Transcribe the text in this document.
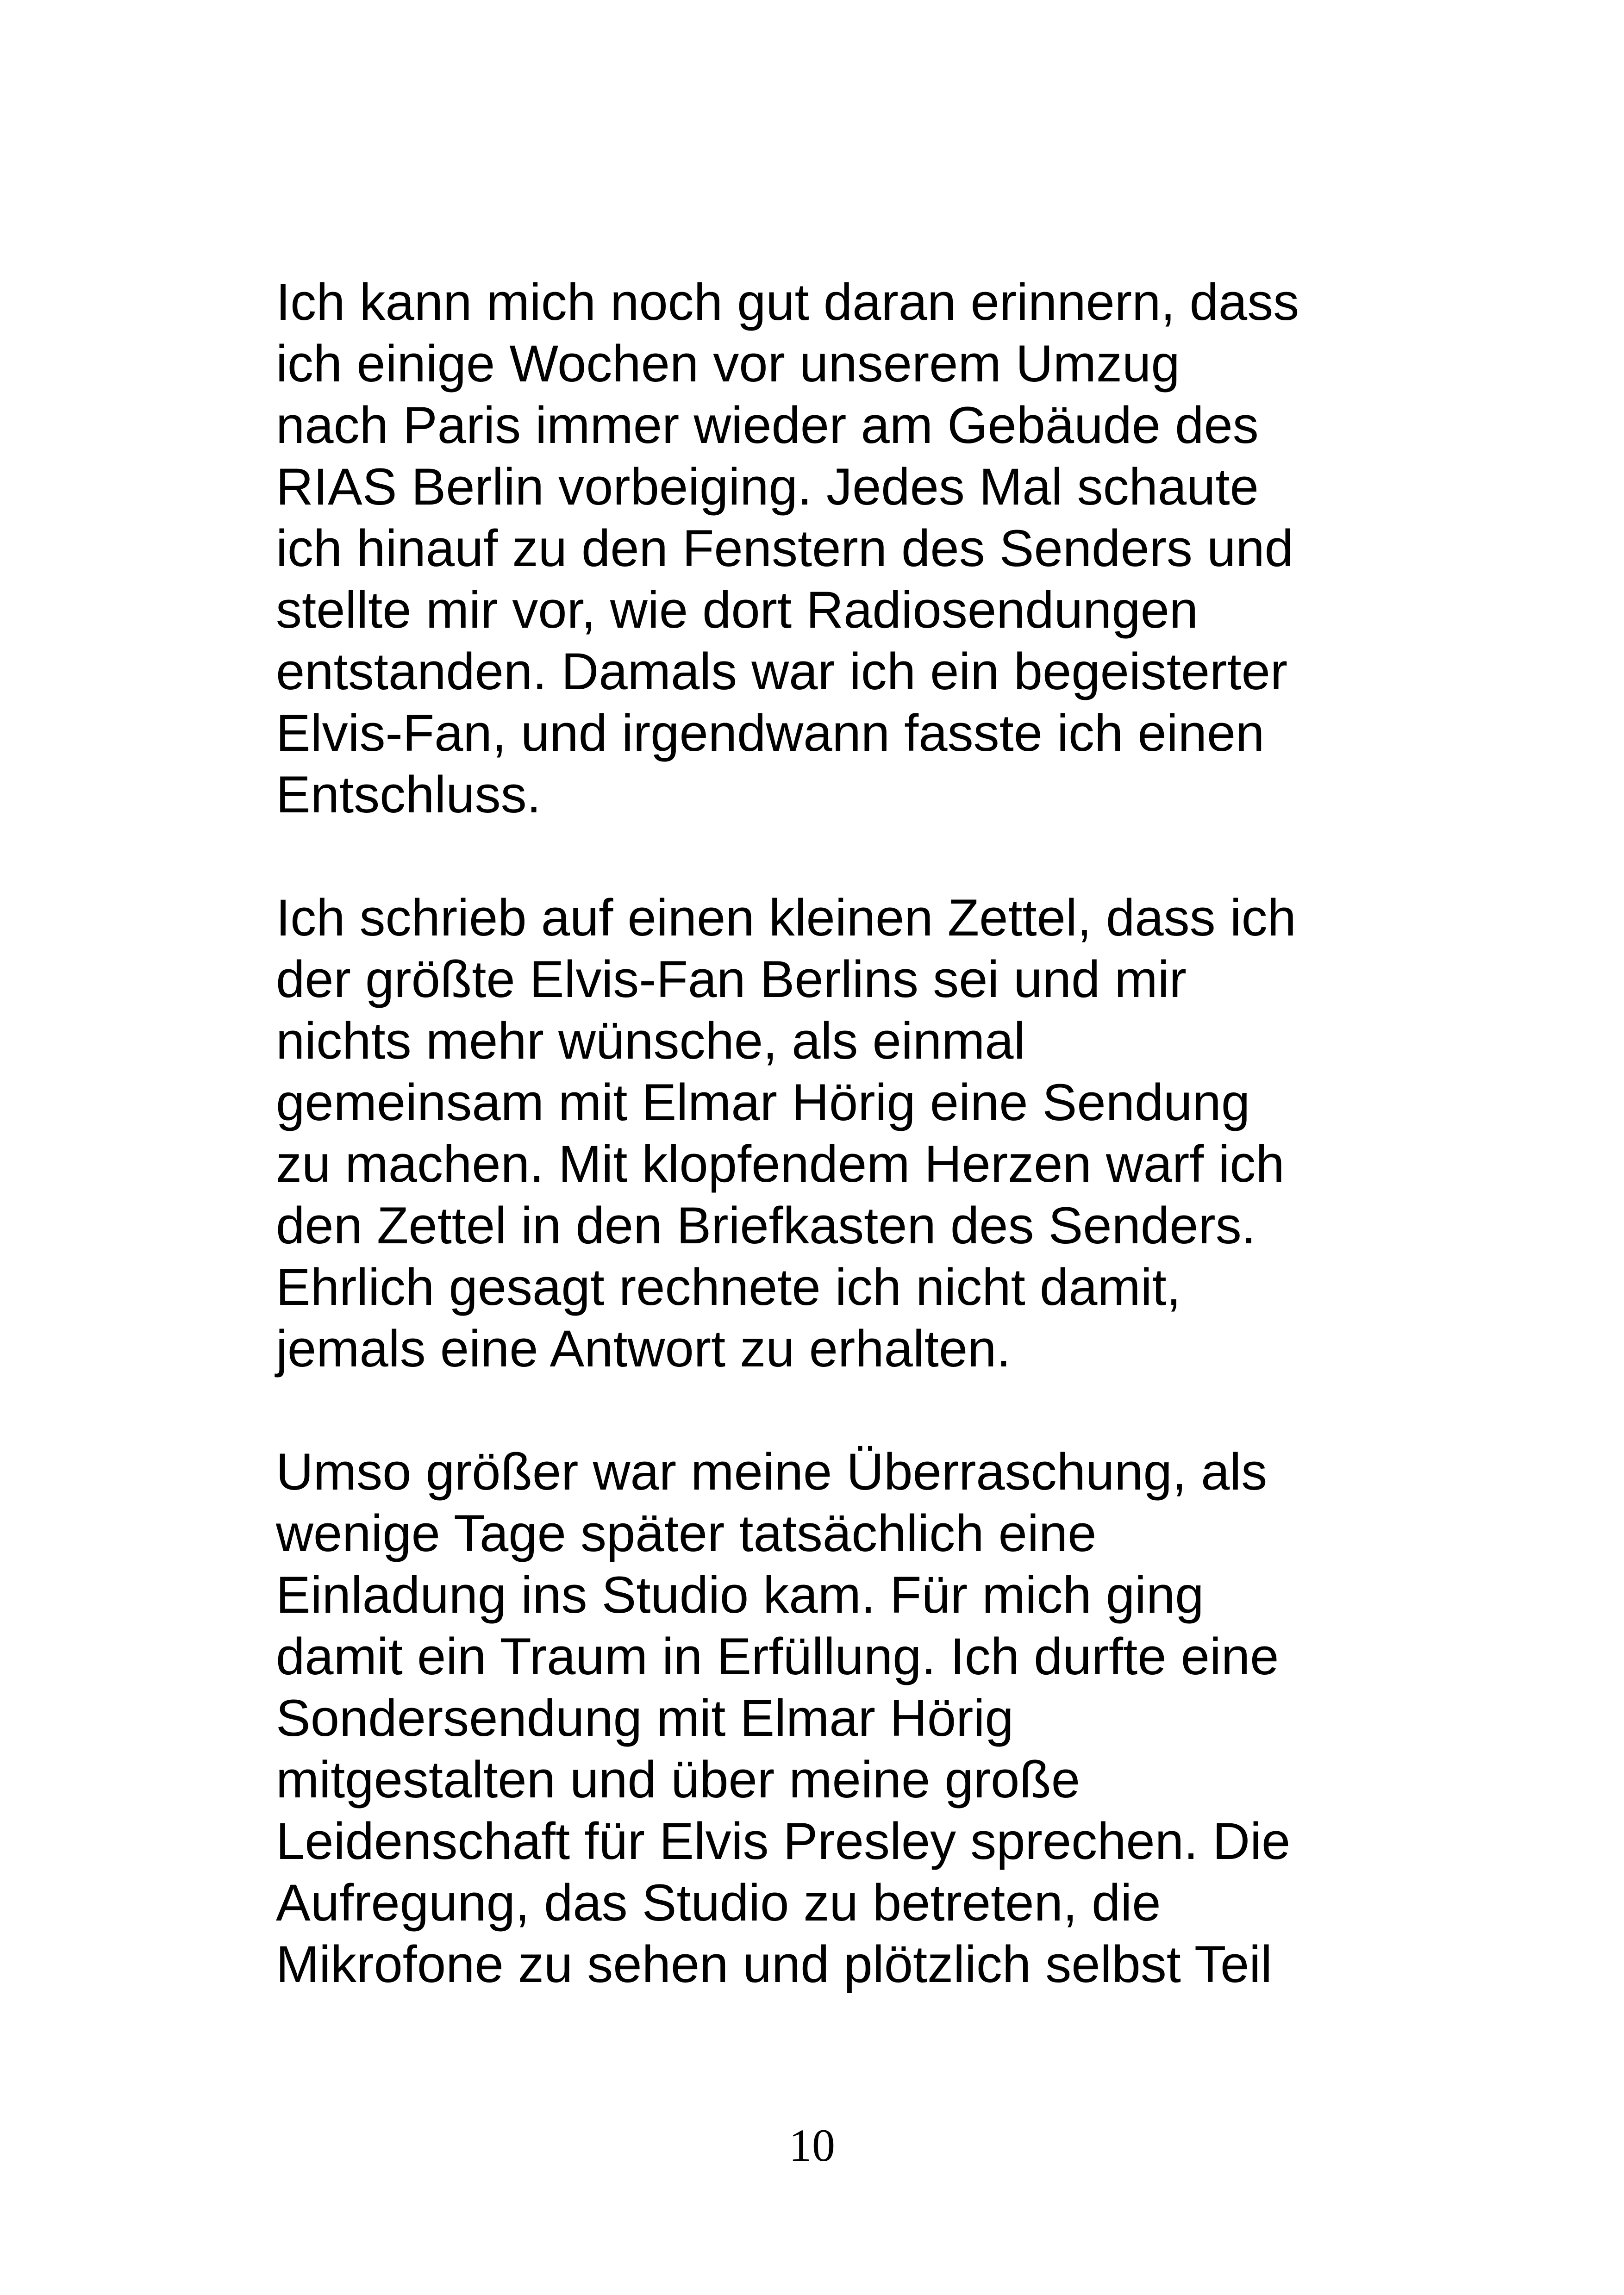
Ich kann mich noch gut daran erinnern, dass
ich einige Wochen vor unserem Umzug
nach Paris immer wieder am Gebäude des
RIAS Berlin vorbeiging. Jedes Mal schaute
ich hinauf zu den Fenstern des Senders und
stellte mir vor, wie dort Radiosendungen
entstanden. Damals war ich ein begeisterter
Elvis-Fan, und irgendwann fasste ich einen
Entschluss.
Ich schrieb auf einen kleinen Zettel, dass ich
der größte Elvis-Fan Berlins sei und mir
nichts mehr wünsche, als einmal
gemeinsam mit Elmar Hörig eine Sendung
zu machen. Mit klopfendem Herzen warf ich
den Zettel in den Briefkasten des Senders.
Ehrlich gesagt rechnete ich nicht damit,
jemals eine Antwort zu erhalten.
Umso größer war meine Überraschung, als
wenige Tage später tatsächlich eine
Einladung ins Studio kam. Für mich ging
damit ein Traum in Erfüllung. Ich durfte eine
Sondersendung mit Elmar Hörig
mitgestalten und über meine große
Leidenschaft für Elvis Presley sprechen. Die
Aufregung, das Studio zu betreten, die
Mikrofone zu sehen und plötzlich selbst Teil
10
